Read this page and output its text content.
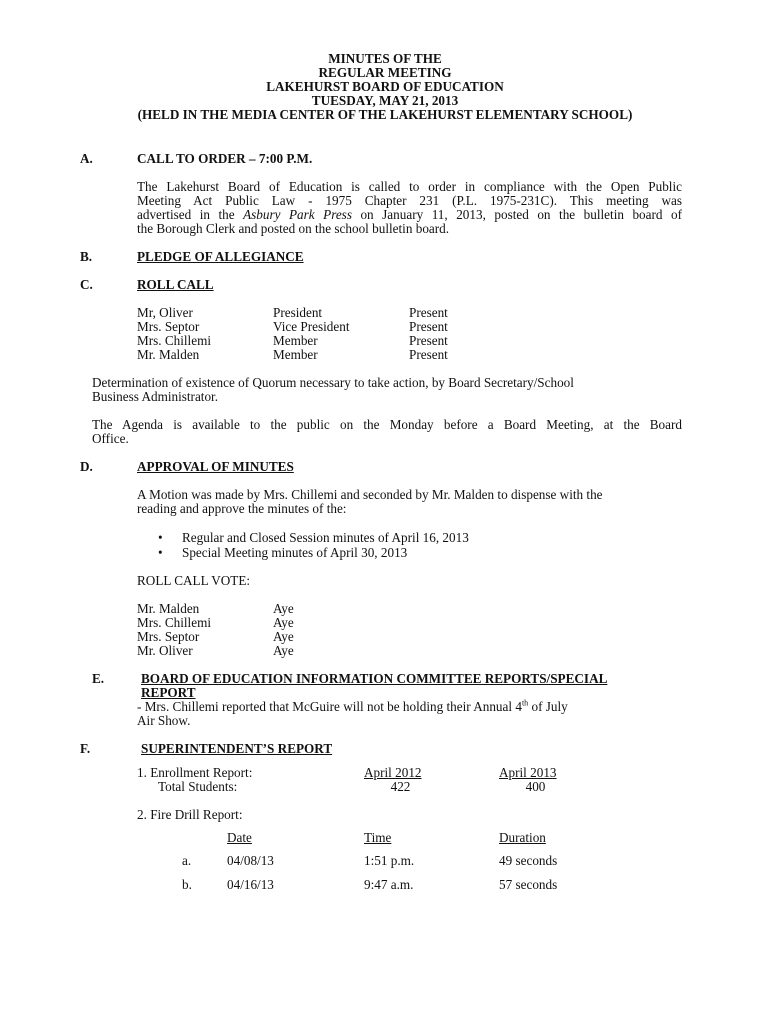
MINUTES OF THE
REGULAR MEETING
LAKEHURST BOARD OF EDUCATION
TUESDAY, MAY 21, 2013
(HELD IN THE MEDIA CENTER OF THE LAKEHURST ELEMENTARY SCHOOL)
A.	CALL TO ORDER – 7:00 P.M.
The Lakehurst Board of Education is called to order in compliance with the Open Public
Meeting Act Public Law - 1975 Chapter 231 (P.L. 1975-231C). This meeting was
advertised in the Asbury Park Press on January 11, 2013, posted on the bulletin board of
the Borough Clerk and posted on the school bulletin board.
B.	PLEDGE OF ALLEGIANCE
C.	ROLL CALL
Mr, Oliver	President	Present
Mrs. Septor	Vice President	Present
Mrs. Chillemi	Member	Present
Mr. Malden	Member	Present
Determination of existence of Quorum necessary to take action, by Board Secretary/School
Business Administrator.
The Agenda is available to the public on the Monday before a Board Meeting, at the Board
Office.
D.	APPROVAL OF MINUTES
A Motion was made by Mrs. Chillemi and seconded by Mr. Malden to dispense with the
reading and approve the minutes of the:
• Regular and Closed Session minutes of April 16, 2013
• Special Meeting minutes of April 30, 2013
ROLL CALL VOTE:
Mr. Malden	Aye
Mrs. Chillemi	Aye
Mrs. Septor	Aye
Mr. Oliver	Aye
E.	BOARD OF EDUCATION INFORMATION COMMITTEE REPORTS/SPECIAL
REPORT
- Mrs. Chillemi reported that McGuire will not be holding their Annual 4th of July
Air Show.
F.	SUPERINTENDENT’S REPORT
1. Enrollment Report:	April 2012	April 2013
Total Students:	422	400
2. Fire Drill Report:
Date	Time	Duration
a.	04/08/13	1:51 p.m.	49 seconds
b.	04/16/13	9:47 a.m.	57 seconds
